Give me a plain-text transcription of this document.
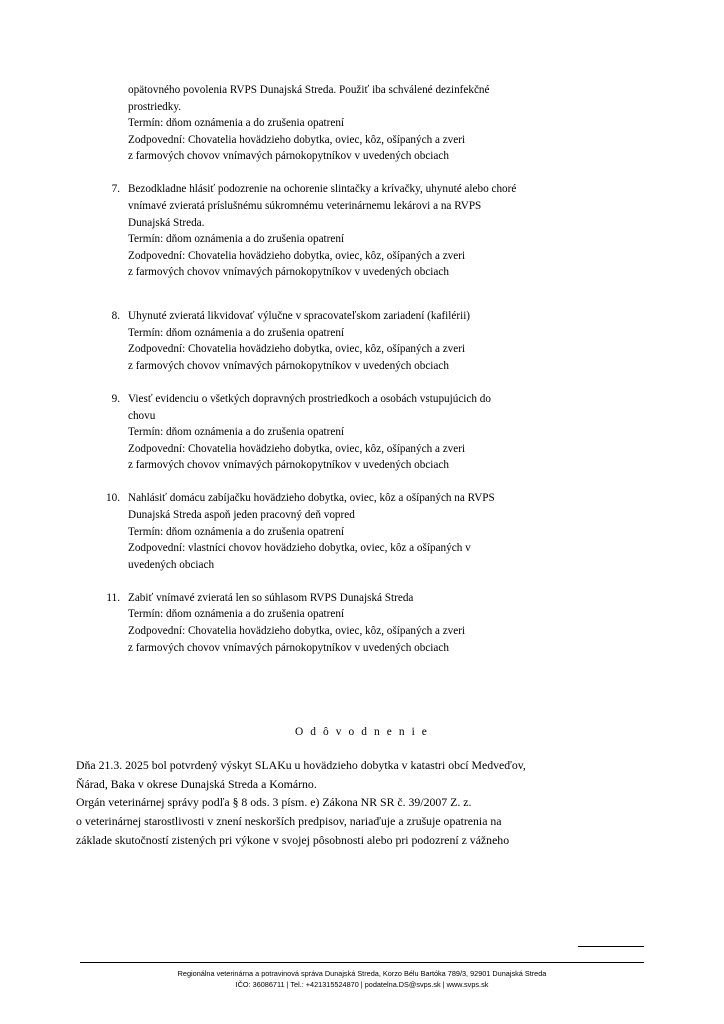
opätovného povolenia RVPS Dunajská Streda. Použiť iba schválené dezinfekčné

prostriedky.

Termín: dňom oznámenia a do zrušenia opatrení

Zodpovední: Chovatelia hovädzieho dobytka, oviec, kôz, ošípaných a zveri

z farmových chovov vnímavých párnokopytníkov v uvedených obciach

7. Bezodkladne hlásiť podozrenie na ochorenie slintačky a krívačky, uhynuté alebo choré

vnímavé zvieratá príslušnému súkromnému veterinárnemu lekárovi a na RVPS

Dunajská Streda.

Termín: dňom oznámenia a do zrušenia opatrení

Zodpovední: Chovatelia hovädzieho dobytka, oviec, kôz, ošípaných a zveri

z farmových chovov vnímavých párnokopytníkov v uvedených obciach

8. Uhynuté zvieratá likvidovať výlučne v spracovateľskom zariadení (kafilérii)

Termín: dňom oznámenia a do zrušenia opatrení

Zodpovední: Chovatelia hovädzieho dobytka, oviec, kôz, ošípaných a zveri

z farmových chovov vnímavých párnokopytníkov v uvedených obciach

9. Viesť evidenciu o všetkých dopravných prostriedkoch a osobách vstupujúcich do

chovu

Termín: dňom oznámenia a do zrušenia opatrení

Zodpovední: Chovatelia hovädzieho dobytka, oviec, kôz, ošípaných a zveri

z farmových chovov vnímavých párnokopytníkov v uvedených obciach

10. Nahlásiť domácu zabíjačku hovädzieho dobytka, oviec, kôz a ošípaných na RVPS

Dunajská Streda aspoň jeden pracovný deň vopred

Termín: dňom oznámenia a do zrušenia opatrení

Zodpovední: vlastníci chovov hovädzieho dobytka, oviec, kôz a ošípaných v

uvedených obciach

11. Zabiť vnímavé zvieratá len so súhlasom RVPS Dunajská Streda

Termín: dňom oznámenia a do zrušenia opatrení

Zodpovední: Chovatelia hovädzieho dobytka, oviec, kôz, ošípaných a zveri

z farmových chovov vnímavých párnokopytníkov v uvedených obciach

O d ô v o d n e n i e

Dňa 21.3. 2025 bol potvrdený výskyt SLAKu u hovädzieho dobytka v katastri obcí Medveďov,

Ňárad, Baka v okrese Dunajská Streda a Komárno.

Orgán veterinárnej správy podľa § 8 ods. 3 písm. e) Zákona NR SR č. 39/2007 Z. z.

o veterinárnej starostlivosti v znení neskorších predpisov, nariaďuje a zrušuje opatrenia na

základe skutočností zistených pri výkone v svojej pôsobnosti alebo pri podozrení z vážneho

Regionálna veterinárna a potravinová správa Dunajská Streda, Korzo Bélu Bartóka 789/3, 92901 Dunajská Streda
IČO: 36086711 | Tel.: +421315524870 | podatelna.DS@svps.sk | www.svps.sk
